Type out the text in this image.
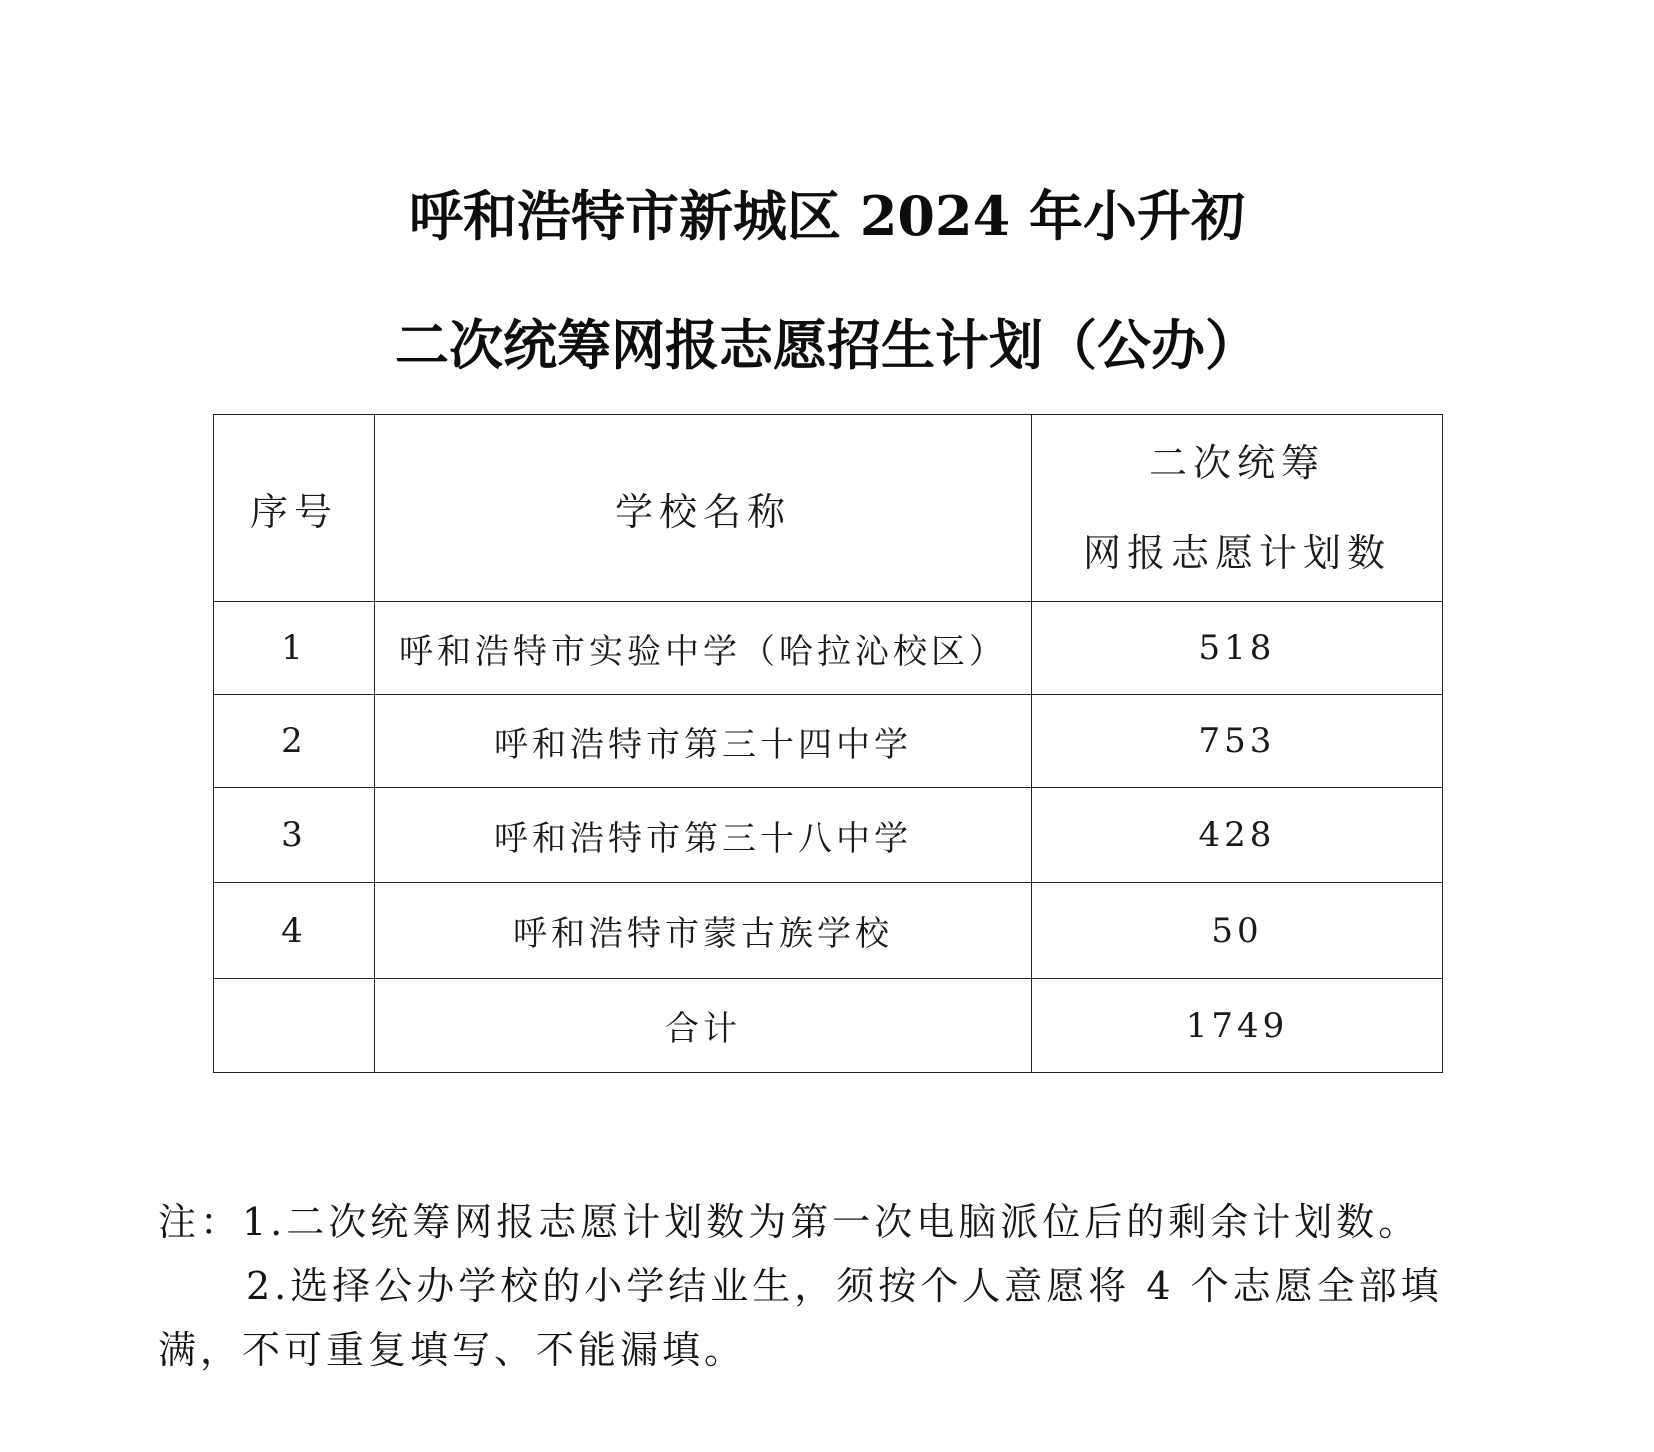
呼和浩特市新城区 2024 年小升初
二次统筹网报志愿招生计划（公办）
序号	学校名称	二次统筹
网报志愿计划数

1	呼和浩特市实验中学（哈拉沁校区）	518
2	呼和浩特市第三十四中学	753
3	呼和浩特市第三十八中学	428
4	呼和浩特市蒙古族学校	50
	合计	1749

注：1.二次统筹网报志愿计划数为第一次电脑派位后的剩余计划数。

2.选择公办学校的小学结业生，须按个人意愿将 4 个志愿全部填满，不可重复填写、不能漏填。
